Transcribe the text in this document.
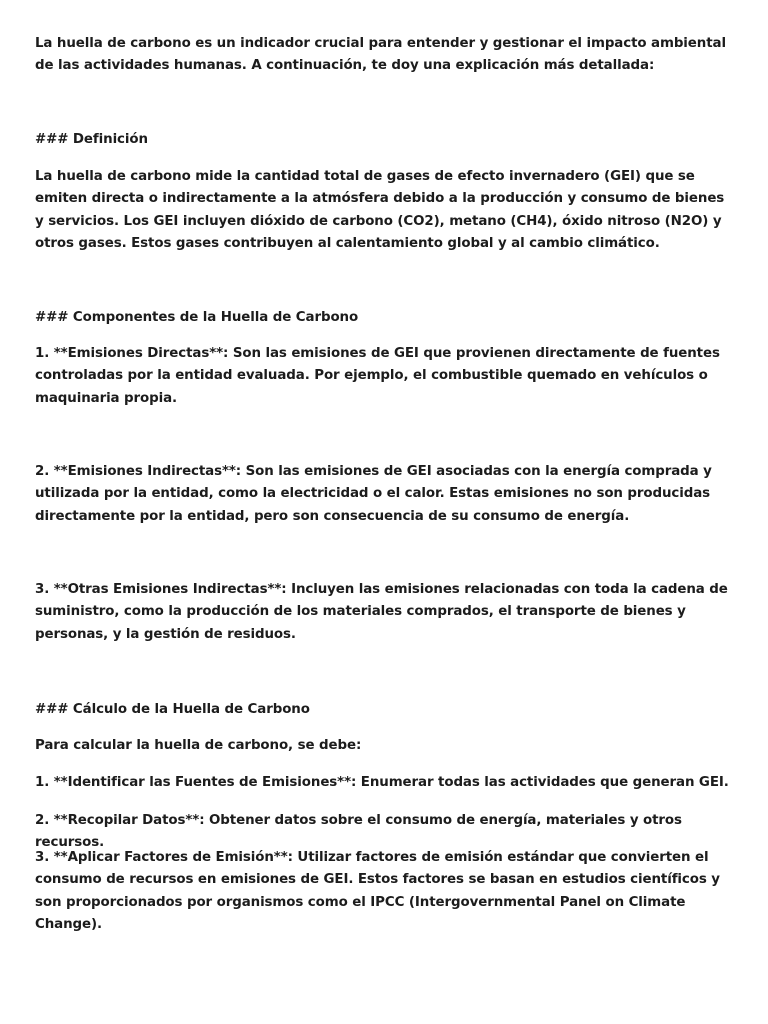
La huella de carbono es un indicador crucial para entender y gestionar el impacto ambiental de las actividades humanas. A continuación, te doy una explicación más detallada:

### Definición

La huella de carbono mide la cantidad total de gases de efecto invernadero (GEI) que se emiten directa o indirectamente a la atmósfera debido a la producción y consumo de bienes y servicios. Los GEI incluyen dióxido de carbono (CO2), metano (CH4), óxido nitroso (N2O) y otros gases. Estos gases contribuyen al calentamiento global y al cambio climático.

### Componentes de la Huella de Carbono

1. **Emisiones Directas**: Son las emisiones de GEI que provienen directamente de fuentes controladas por la entidad evaluada. Por ejemplo, el combustible quemado en vehículos o maquinaria propia.

2. **Emisiones Indirectas**: Son las emisiones de GEI asociadas con la energía comprada y utilizada por la entidad, como la electricidad o el calor. Estas emisiones no son producidas directamente por la entidad, pero son consecuencia de su consumo de energía.

3. **Otras Emisiones Indirectas**: Incluyen las emisiones relacionadas con toda la cadena de suministro, como la producción de los materiales comprados, el transporte de bienes y personas, y la gestión de residuos.

### Cálculo de la Huella de Carbono

Para calcular la huella de carbono, se debe:

1. **Identificar las Fuentes de Emisiones**: Enumerar todas las actividades que generan GEI.

2. **Recopilar Datos**: Obtener datos sobre el consumo de energía, materiales y otros recursos.

3. **Aplicar Factores de Emisión**: Utilizar factores de emisión estándar que convierten el consumo de recursos en emisiones de GEI. Estos factores se basan en estudios científicos y son proporcionados por organismos como el IPCC (Intergovernmental Panel on Climate Change).
